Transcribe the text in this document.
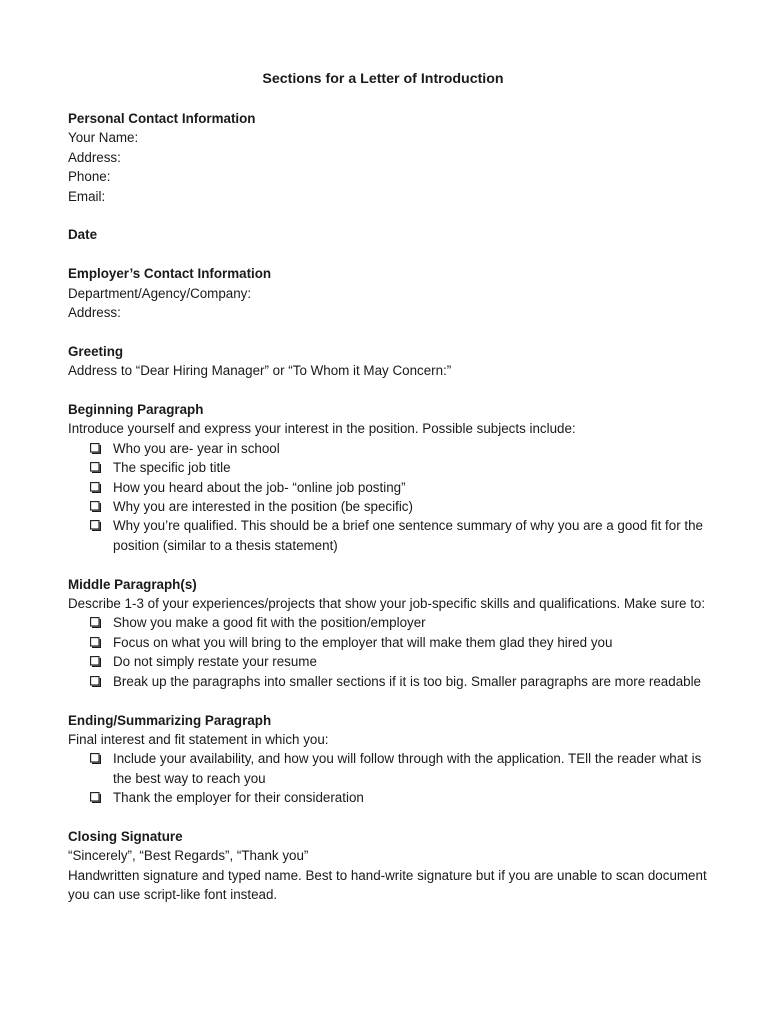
Sections for a Letter of Introduction
Personal Contact Information
Your Name:
Address:
Phone:
Email:
Date
Employer’s Contact Information
Department/Agency/Company:
Address:
Greeting
Address to “Dear Hiring Manager” or “To Whom it May Concern:”
Beginning Paragraph
Introduce yourself and express your interest in the position. Possible subjects include:
Who you are- year in school
The specific job title
How you heard about the job- “online job posting”
Why you are interested in the position (be specific)
Why you’re qualified. This should be a brief one sentence summary of why you are a good fit for the position (similar to a thesis statement)
Middle Paragraph(s)
Describe 1-3 of your experiences/projects that show your job-specific skills and qualifications. Make sure to:
Show you make a good fit with the position/employer
Focus on what you will bring to the employer that will make them glad they hired you
Do not simply restate your resume
Break up the paragraphs into smaller sections if it is too big. Smaller paragraphs are more readable
Ending/Summarizing Paragraph
Final interest and fit statement in which you:
Include your availability, and how you will follow through with the application. TEll the reader what is the best way to reach you
Thank the employer for their consideration
Closing Signature
“Sincerely”, “Best Regards”, “Thank you”
Handwritten signature and typed name. Best to hand-write signature but if you are unable to scan document you can use script-like font instead.
